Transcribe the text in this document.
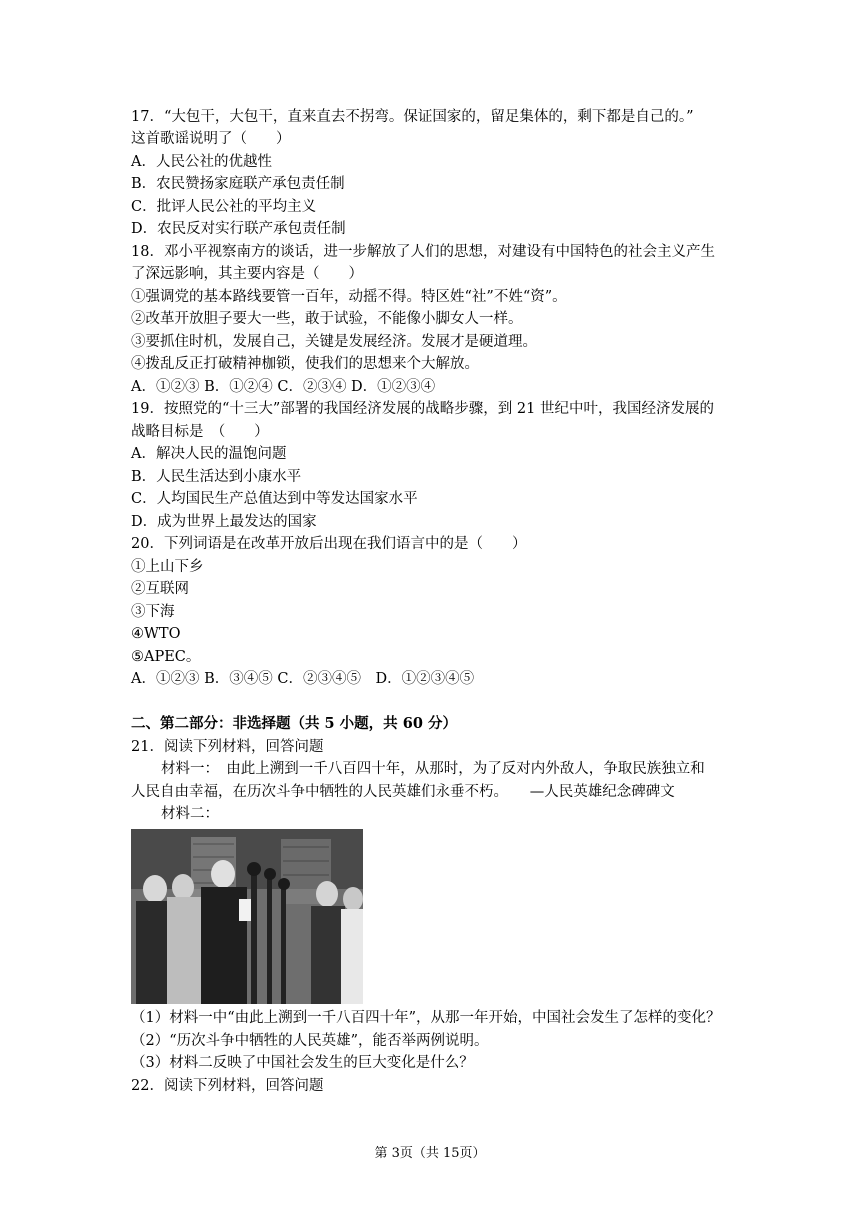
17．“大包干，大包干，直来直去不拐弯。保证国家的，留足集体的，剩下都是自己的。”
这首歌谣说明了（　　）
A．人民公社的优越性
B．农民赞扬家庭联产承包责任制
C．批评人民公社的平均主义
D．农民反对实行联产承包责任制
18．邓小平视察南方的谈话，进一步解放了人们的思想，对建设有中国特色的社会主义产生
了深远影响，其主要内容是（　　）
①强调党的基本路线要管一百年，动摇不得。特区姓“社”不姓“资”。
②改革开放胆子要大一些，敢于试验，不能像小脚女人一样。
③要抓住时机，发展自己，关键是发展经济。发展才是硬道理。
④拨乱反正打破精神枷锁，使我们的思想来个大解放。
A．①②③ B．①②④ C．②③④ D．①②③④
19．按照党的“十三大”部署的我国经济发展的战略步骤，到 21 世纪中叶，我国经济发展的
战略目标是　（　　）
A．解决人民的温饱问题
B．人民生活达到小康水平
C．人均国民生产总值达到中等发达国家水平
D．成为世界上最发达的国家
20．下列词语是在改革开放后出现在我们语言中的是（　　）
①上山下乡
②互联网
③下海
④WTO
⑤APEC。
A．①②③ B．③④⑤ C．②③④⑤　D．①②③④⑤
二、第二部分：非选择题（共 5 小题，共 60 分）
21．阅读下列材料，回答问题
材料一：　由此上溯到一千八百四十年，从那时，为了反对内外敌人，争取民族独立和
人民自由幸福，在历次斗争中牺牲的人民英雄们永垂不朽。　　—人民英雄纪念碑碑文
材料二：
（1）材料一中“由此上溯到一千八百四十年”，从那一年开始，中国社会发生了怎样的变化？
（2）“历次斗争中牺牲的人民英雄”，能否举两例说明。
（3）材料二反映了中国社会发生的巨大变化是什么？
22．阅读下列材料，回答问题
第 3页（共 15页）
